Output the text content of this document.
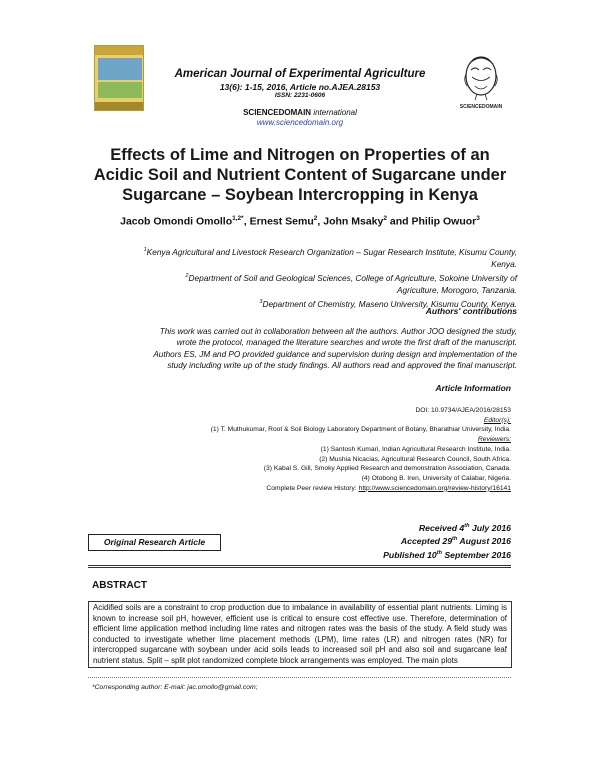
American Journal of Experimental Agriculture
13(6): 1-15, 2016, Article no.AJEA.28153
ISSN: 2231-0606
SCIENCEDOMAIN international
www.sciencedomain.org
SCIENCEDOMAIN
Effects of Lime and Nitrogen on Properties of an
Acidic Soil and Nutrient Content of Sugarcane under
Sugarcane – Soybean Intercropping in Kenya
Jacob Omondi Omollo$^{1,2*}$, Ernest Semu$^2$, John Msaky$^2$ and Philip Owuor$^3$

$^1$Kenya Agricultural and Livestock Research Organization – Sugar Research Institute, Kisumu County,

Kenya.

$^2$Department of Soil and Geological Sciences, College of Agriculture, Sokoine University of

Agriculture, Morogoro, Tanzania.

$^3$Department of Chemistry, Maseno University, Kisumu County, Kenya.

Authors' contributions
This work was carried out in collaboration between all the authors. Author JOO designed the study,
wrote the protocol, managed the literature searches and wrote the first draft of the manuscript.
Authors ES, JM and PO provided guidance and supervision during design and implementation of the
study including write up of the study findings. All authors read and approved the final manuscript.
Article Information

DOI: 10.9734/AJEA/2016/28153

Editor(s):

(1) T. Muthukumar, Root & Soil Biology Laboratory Department of Botany, Bharathiar University, India.

Reviewers:

(1) Santosh Kumari, Indian Agricultural Research Institute, India.

(2) Mushia Nicacias, Agricultural Research Council, South Africa.

(3) Kabal S. Gill, Smoky Applied Research and demonstration Association, Canada.

(4) Otobong B. Iren, University of Calabar, Nigeria.

Complete Peer review History: http://www.sciencedomain.org/review-history/16141

Received 4th July 2016

Accepted 29th August 2016

Published 10th September 2016

Original Research Article
ABSTRACT
Acidified soils are a constraint to crop production due to imbalance in availability of essential plant nutrients. Liming is known to increase soil pH, however, efficient use is critical to ensure cost effective use. Therefore, determination of efficient lime application method including lime rates and nitrogen rates was the basis of the study. A field study was conducted to investigate whether lime placement methods (LPM), lime rates (LR) and nitrogen rates (NR) for intercropped sugarcane with soybean under acid soils leads to increased soil pH and also soil and sugarcane leaf nutrient status. Split – split plot randomized complete block arrangements was employed. The main plots
*Corresponding author: E-mail: jac.omollo@gmail.com;
